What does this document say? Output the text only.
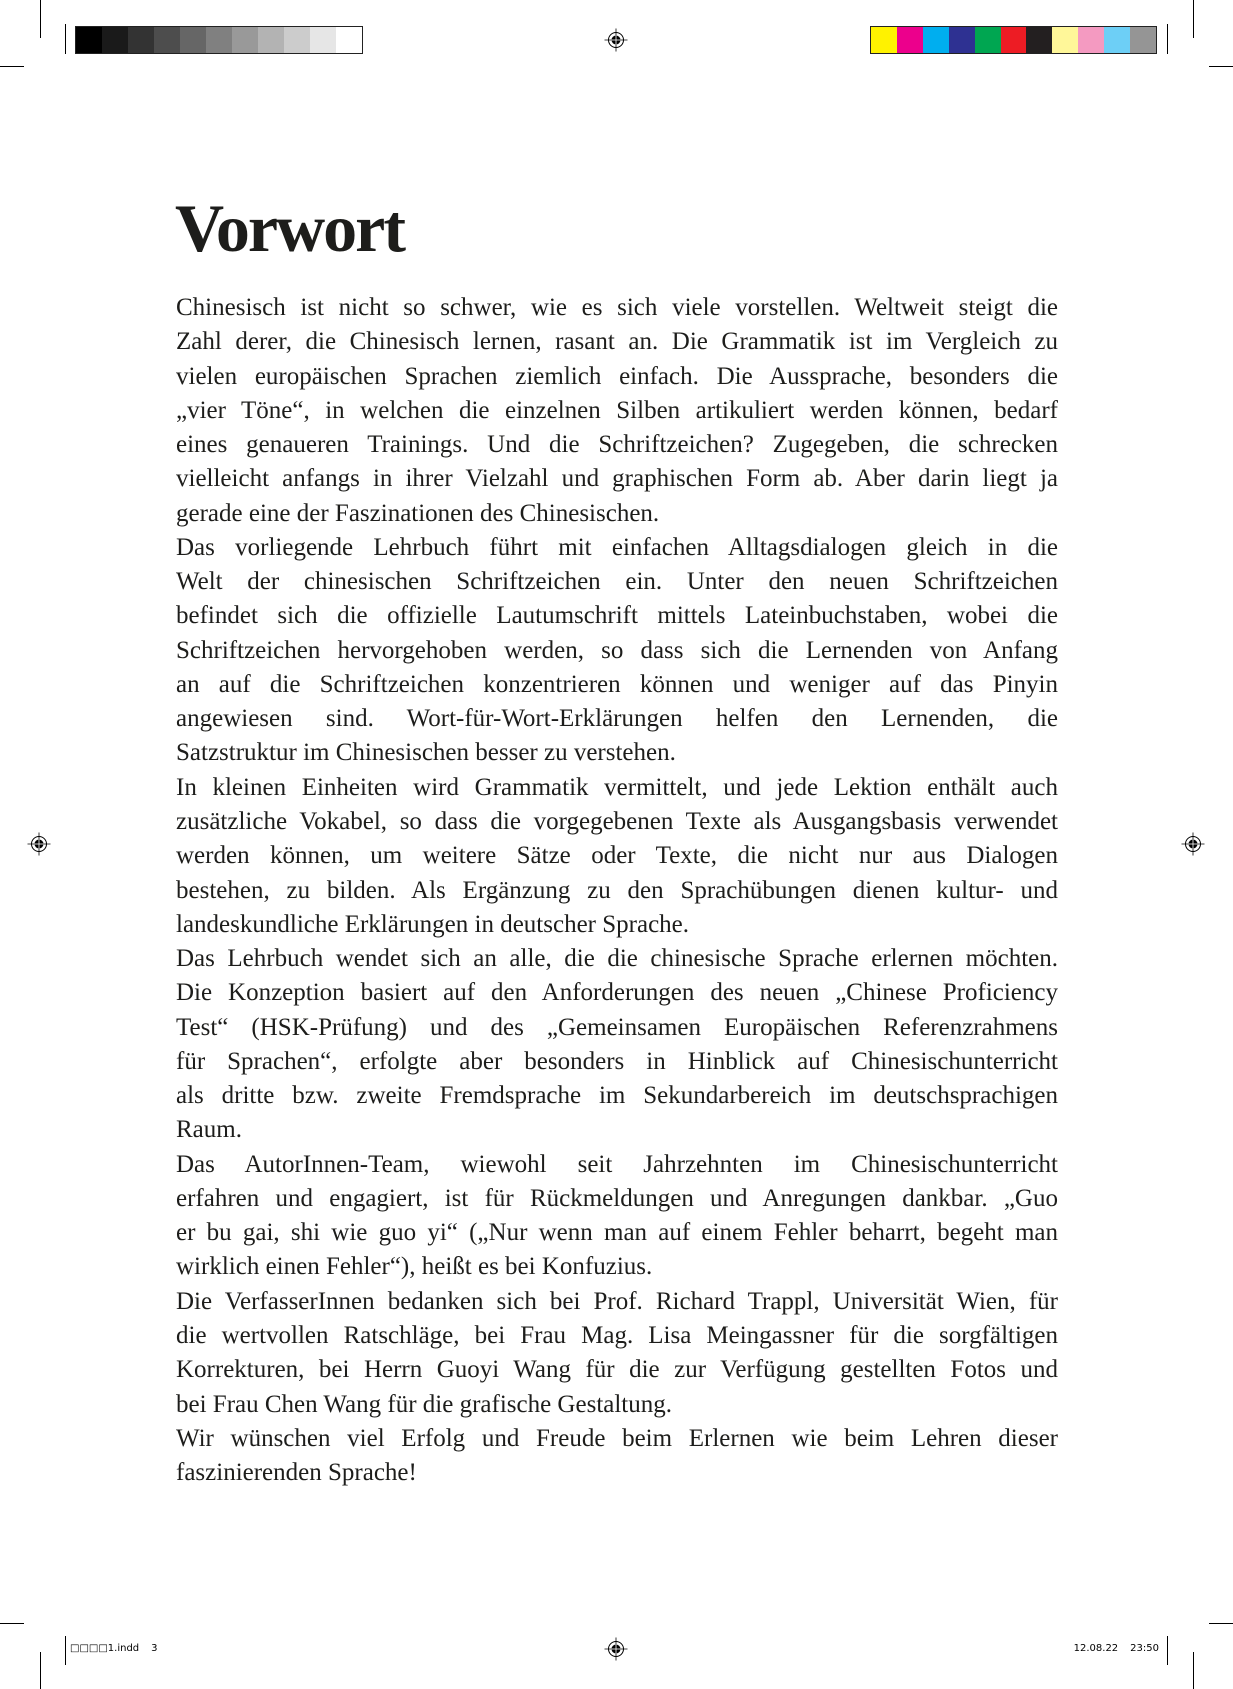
Vorwort
Chinesisch ist nicht so schwer, wie es sich viele vorstellen. Weltweit steigt die
Zahl derer, die Chinesisch lernen, rasant an. Die Grammatik ist im Vergleich zu
vielen europäischen Sprachen ziemlich einfach. Die Aussprache, besonders die
„vier Töne“, in welchen die einzelnen Silben artikuliert werden können, bedarf
eines genaueren Trainings. Und die Schriftzeichen? Zugegeben, die schrecken
vielleicht anfangs in ihrer Vielzahl und graphischen Form ab. Aber darin liegt ja
gerade eine der Faszinationen des Chinesischen.
Das vorliegende Lehrbuch führt mit einfachen Alltagsdialogen gleich in die
Welt der chinesischen Schriftzeichen ein. Unter den neuen Schriftzeichen
befindet sich die offizielle Lautumschrift mittels Lateinbuchstaben, wobei die
Schriftzeichen hervorgehoben werden, so dass sich die Lernenden von Anfang
an auf die Schriftzeichen konzentrieren können und weniger auf das Pinyin
angewiesen sind. Wort-für-Wort-Erklärungen helfen den Lernenden, die
Satzstruktur im Chinesischen besser zu verstehen.
In kleinen Einheiten wird Grammatik vermittelt, und jede Lektion enthält auch
zusätzliche Vokabel, so dass die vorgegebenen Texte als Ausgangsbasis verwendet
werden können, um weitere Sätze oder Texte, die nicht nur aus Dialogen
bestehen, zu bilden. Als Ergänzung zu den Sprachübungen dienen kultur- und
landeskundliche Erklärungen in deutscher Sprache.
Das Lehrbuch wendet sich an alle, die die chinesische Sprache erlernen möchten.
Die Konzeption basiert auf den Anforderungen des neuen „Chinese Proficiency
Test“ (HSK-Prüfung) und des „Gemeinsamen Europäischen Referenzrahmens
für Sprachen“, erfolgte aber besonders in Hinblick auf Chinesischunterricht
als dritte bzw. zweite Fremdsprache im Sekundarbereich im deutschsprachigen
Raum.
Das AutorInnen-Team, wiewohl seit Jahrzehnten im Chinesischunterricht
erfahren und engagiert, ist für Rückmeldungen und Anregungen dankbar. „Guo
er bu gai, shi wie guo yi“ („Nur wenn man auf einem Fehler beharrt, begeht man
wirklich einen Fehler“), heißt es bei Konfuzius.
Die VerfasserInnen bedanken sich bei Prof. Richard Trappl, Universität Wien, für
die wertvollen Ratschläge, bei Frau Mag. Lisa Meingassner für die sorgfältigen
Korrekturen, bei Herrn Guoyi Wang für die zur Verfügung gestellten Fotos und
bei Frau Chen Wang für die grafische Gestaltung.
Wir wünschen viel Erfolg und Freude beim Erlernen wie beim Lehren dieser
faszinierenden Sprache!
□□□□1.indd 3	12.08.22 23:50
